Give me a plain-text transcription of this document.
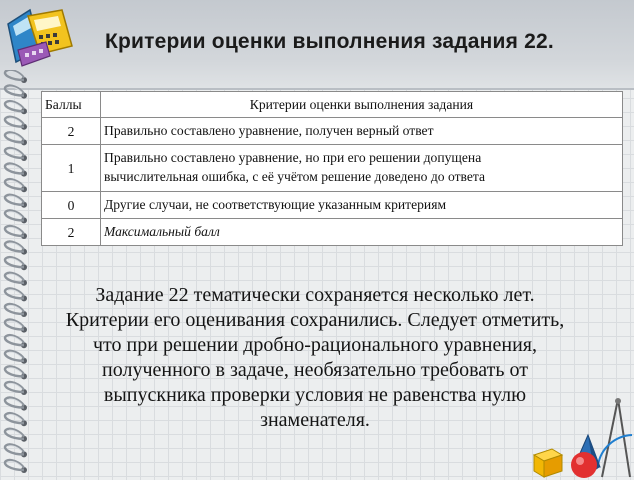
Критерии оценки выполнения задания 22.
Баллы	Критерии оценки выполнения задания
2	Правильно составлено уравнение, получен верный ответ
1	Правильно составлено уравнение, но при его решении допущена
вычислительная ошибка, с её учётом решение доведено до ответа
0	Другие случаи, не соответствующие указанным критериям
2	Максимальный балл
Задание 22 тематически сохраняется несколько лет.
Критерии его оценивания сохранились. Следует отметить,
что при решении дробно-рационального уравнения,
полученного в задаче, необязательно требовать от
выпускника проверки условия не равенства нулю
знаменателя.
